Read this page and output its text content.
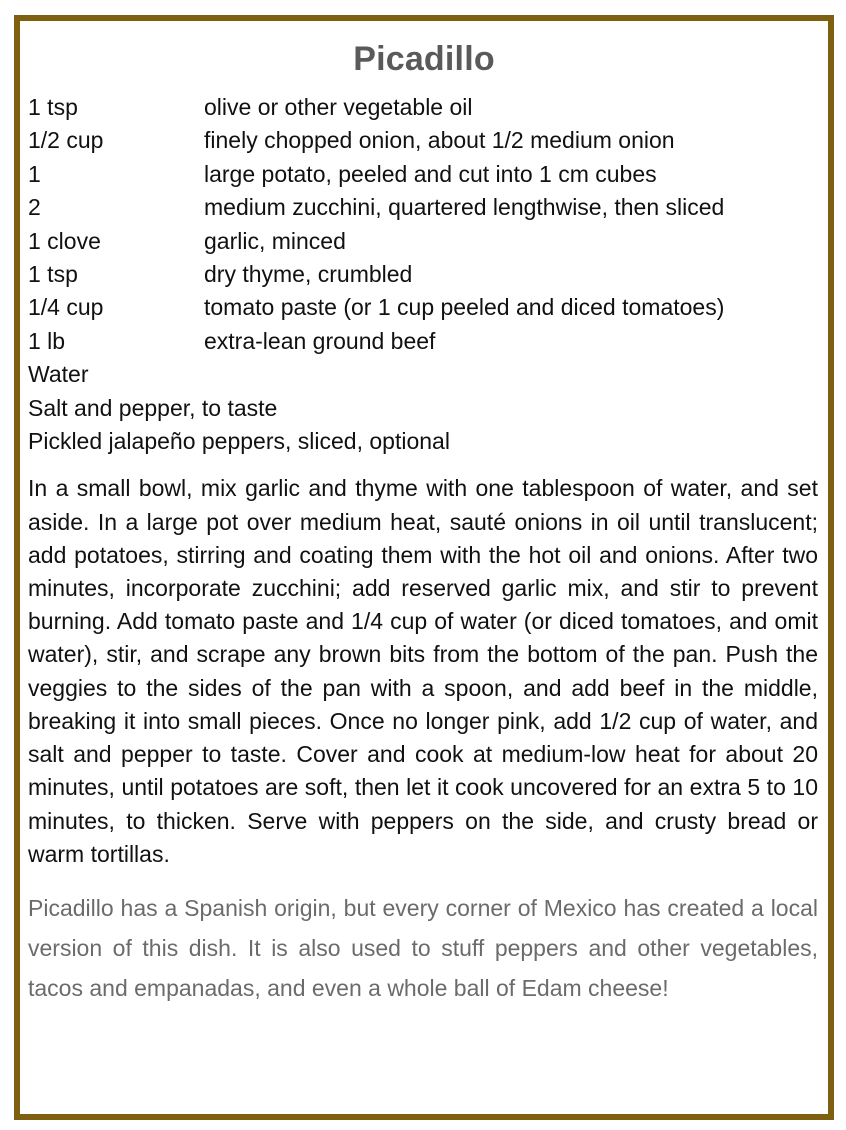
Picadillo
1 tsp	olive or other vegetable oil
1/2 cup	finely chopped onion, about 1/2 medium onion
1	large potato, peeled and cut into 1 cm cubes
2	medium zucchini, quartered lengthwise, then sliced
1 clove	garlic, minced
1 tsp	dry thyme, crumbled
1/4 cup	tomato paste (or 1 cup peeled and diced tomatoes)
1 lb	extra-lean ground beef
Water
Salt and pepper, to taste
Pickled jalapeño peppers, sliced, optional
In a small bowl, mix garlic and thyme with one tablespoon of water, and set aside. In a large pot over medium heat, sauté onions in oil until translucent; add potatoes, stirring and coating them with the hot oil and onions. After two minutes, incorporate zucchini; add reserved garlic mix, and stir to prevent burning. Add tomato paste and 1/4 cup of water (or diced tomatoes, and omit water), stir, and scrape any brown bits from the bottom of the pan. Push the veggies to the sides of the pan with a spoon, and add beef in the middle, breaking it into small pieces. Once no longer pink, add 1/2 cup of water, and salt and pepper to taste. Cover and cook at medium-low heat for about 20 minutes, until potatoes are soft, then let it cook uncovered for an extra 5 to 10 minutes, to thicken. Serve with peppers on the side, and crusty bread or warm tortillas.
Picadillo has a Spanish origin, but every corner of Mexico has created a local version of this dish. It is also used to stuff peppers and other vegetables, tacos and empanadas, and even a whole ball of Edam cheese!
